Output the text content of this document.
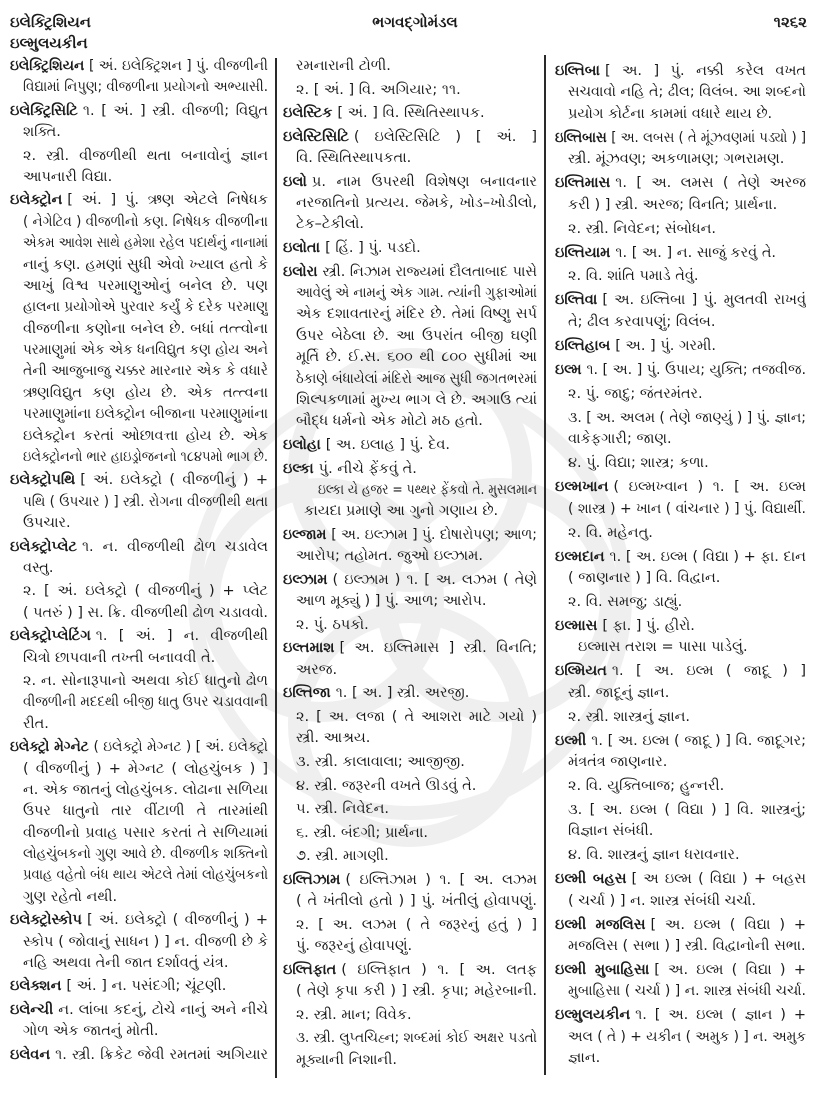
ઇલેક્ટ્રિશિયન
ઇલ્મુલયકીન
ભગવદ્ગોમંડલ	૧૨૬૨
ઇલેક્ટ્રિશિયન [ અં. ઇલેક્ટ્રિશન ] પું. વીજળીની
વિદ્યામાં નિપુણ; વીજળીના પ્રયોગનો અભ્યાસી.
ઇલેક્ટ્રિસિટિ ૧. [ અં. ] સ્ત્રી. વીજળી; વિદ્યુત
શક્તિ.
૨. સ્ત્રી. વીજળીથી થતા બનાવોનું જ્ઞાન
આપનારી વિદ્યા.
ઇલેક્ટ્રોન [ અં. ] પું. ઋણ એટલે નિષેધક
( નેગેટિવ ) વીજળીનો કણ. નિષેધક વીજળીના
એકમ આવેશ સાથે હમેશા રહેલ પદાર્થનું નાનામાં
નાનું કણ. હમણાં સુધી એવો ખ્યાલ હતો કે
આખું વિશ્વ પરમાણુઓનું બનેલ છે. પણ
હાલના પ્રયોગોએ પુરવાર કર્યું કે દરેક પરમાણુ
વીજળીના કણોના બનેલ છે. બધાં તત્ત્વોના
પરમાણુમાં એક એક ધનવિદ્યુત કણ હોય અને
તેની આજુબાજુ ચક્કર મારનાર એક કે વધારે
ઋણવિદ્યુત કણ હોય છે. એક તત્ત્વના
પરમાણુમાંના ઇલેક્ટ્રોન બીજાના પરમાણુમાંના
ઇલેક્ટ્રોન કરતાં ઓછાવત્તા હોય છે. એક
ઇલેક્ટ્રોનનો ભાર હાઇડ્રોજનનો ૧૮૪૫મો ભાગ છે.
ઇલેક્ટ્રોપથિ [ અં. ઇલેક્ટ્રો ( વીજળીનું ) +
પથિ ( ઉપચાર ) ] સ્ત્રી. રોગના વીજળીથી થતા
ઉપચાર.
ઇલેક્ટ્રોપ્લેટ ૧. ન. વીજળીથી ઢોળ ચડાવેલ
વસ્તુ.
૨. [ અં. ઇલેક્ટ્રો ( વીજળીનું ) + પ્લેટ
( પતરું ) ] સ. ક્રિ. વીજળીથી ઢોળ ચડાવવો.
ઇલેક્ટ્રોપ્લેટિંગ ૧. [ અં. ] ન. વીજળીથી
ચિત્રો છાપવાની તખ્તી બનાવવી તે.
૨. ન. સોનારૂપાનો અથવા કોઈ ધાતુનો ઢોળ
વીજળીની મદદથી બીજી ધાતુ ઉપર ચડાવવાની
રીત.
ઇલેક્ટ્રો મેગ્નેટ ( ઇલેક્ટ્રો મેગ્નટ ) [ અં. ઇલેક્ટ્રો
( વીજળીનું ) + મેગ્નટ ( લોહચુંબક ) ]
ન. એક જાતનું લોહચુંબક. લોઢાના સળિયા
ઉપર ધાતુનો તાર વીંટાળી તે તારમાંથી
વીજળીનો પ્રવાહ પસાર કરતાં તે સળિયામાં
લોહચુંબકનો ગુણ આવે છે. વીજળીક શક્તિનો
પ્રવાહ વહેતો બંધ થાય એટલે તેમાં લોહચુંબકનો
ગુણ રહેતો નથી.
ઇલેક્ટ્રોસ્કોપ [ અં. ઇલેક્ટ્રો ( વીજળીનું ) +
સ્કોપ ( જોવાનું સાધન ) ] ન. વીજળી છે કે
નહિ અથવા તેની જાત દર્શાવતું યંત્ર.
ઇલેક્શન [ અં. ] ન. પસંદગી; ચૂંટણી.
ઇલેન્ચી ન. લાંબા કદનું, ટોચે નાનું અને નીચે
ગોળ એક જાતનું મોતી.
ઇલેવન ૧. સ્ત્રી. ક્રિકેટ જેવી રમતમાં અગિયાર
રમનારાની ટોળી.
૨. [ અં. ] વિ. અગિયાર; ૧૧.
ઇલેસ્ટિક [ અં. ] વિ. સ્થિતિસ્થાપક.
ઇલેસ્ટિસિટિ ( ઇલેસ્ટિસિટિ ) [ અં. ]
વિ. સ્થિતિસ્થાપકતા.
ઇલો પ્ર. નામ ઉપરથી વિશેષણ બનાવનાર
નરજાતિનો પ્રત્યય. જેમકે, ખોડ–ખોડીલો,
ટેક–ટેકીલો.
ઇલોતા [ હિં. ] પું. પડદો.
ઇલોરા સ્ત્રી. નિઝામ રાજ્યમાં દૌલતાબાદ પાસે
આવેલું એ નામનું એક ગામ. ત્યાંની ગુફાઓમાં
એક દશાવતારનું મંદિર છે. તેમાં વિષ્ણુ સર્પ
ઉપર બેઠેલા છે. આ ઉપરાંત બીજી ઘણી
મૂર્તિ છે. ઈ.સ. ૬૦૦ થી ૮૦૦ સુધીમાં આ
ઠેકાણે બંધાયેલાં મંદિરો આજ સુધી જગતભરમાં
શિલ્પકળામાં મુખ્ય ભાગ લે છે. અગાઉ ત્યાં
બૌદ્ધ ધર્મનો એક મોટો મઠ હતો.
ઇલોહા [ અ. ઇલાહ ] પું. દેવ.
ઇલ્કા પું. નીચે ફેંકવું તે.
ઇલ્કા યે હજર = પથ્થર ફેંકવો તે. મુસલમાન
કાયદા પ્રમાણે આ ગુનો ગણાય છે.
ઇલ્જામ [ અ. ઇલ્ઝામ ] પું. દોષારોપણ; આળ;
આરોપ; તહોમત. જુઓ ઇલ્ઝામ.
ઇલ્ઝામ ( ઇલ્ઝામ ) ૧. [ અ. લઝમ ( તેણે
આળ મૂક્યું ) ] પું. આળ; આરોપ.
૨. પું. ઠપકો.
ઇલ્તમાશ [ અ. ઇલ્તિમાસ ] સ્ત્રી. વિનતિ;
અરજ.
ઇલ્તિજા ૧. [ અ. ] સ્ત્રી. અરજી.
૨. [ અ. લજા ( તે આશરા માટે ગયો )
સ્ત્રી. આશ્રય.
૩. સ્ત્રી. કાલાવાલા; આજીજી.
૪. સ્ત્રી. જરૂરની વખતે ઊડવું તે.
૫. સ્ત્રી. નિવેદન.
૬. સ્ત્રી. બંદગી; પ્રાર્થના.
૭. સ્ત્રી. માગણી.
ઇલ્તિઝામ ( ઇલ્તિઝામ ) ૧. [ અ. લઝમ
( તે ખંતીલો હતો ) ] પું. ખંતીલું હોવાપણું.
૨. [ અ. લઝમ ( તે જરૂરનું હતું ) ]
પું. જરૂરનું હોવાપણું.
ઇલ્તિફાત ( ઇલ્તિફાત ) ૧. [ અ. લતફ
( તેણે કૃપા કરી ) ] સ્ત્રી. કૃપા; મહેરબાની.
૨. સ્ત્રી. માન; વિવેક.
૩. સ્ત્રી. લુપ્તચિહ્ન; શબ્દમાં કોઈ અક્ષર પડતો
મૂક્યાની નિશાની.
ઇલ્તિબા [ અ. ] પું. નક્કી કરેલ વખત
સચવાવો નહિ તે; ઢીલ; વિલંબ. આ શબ્દનો
પ્રયોગ કોર્ટના કામમાં વધારે થાય છે.
ઇલ્તિબાસ [ અ. લબસ ( તે મૂંઝવણમાં પડ્યો ) ]
સ્ત્રી. મૂંઝવણ; અકળામણ; ગભરામણ.
ઇલ્તિમાસ ૧. [ અ. લમસ ( તેણે અરજ
કરી ) ] સ્ત્રી. અરજ; વિનતિ; પ્રાર્થના.
૨. સ્ત્રી. નિવેદન; સંબોધન.
ઇલ્તિયામ ૧. [ અ. ] ન. સાજું કરવું તે.
૨. વિ. શાંતિ પમાડે તેવું.
ઇલ્તિવા [ અ. ઇલ્તિબા ] પું. મુલતવી રાખવું
તે; ઢીલ કરવાપણું; વિલંબ.
ઇલ્તિહાબ [ અ. ] પું. ગરમી.
ઇલ્મ ૧. [ અ. ] પું. ઉપાય; યુક્તિ; તજવીજ.
૨. પું. જાદુ; જંતરમંતર.
૩. [ અ. અલમ ( તેણે જાણ્યું ) ] પું. જ્ઞાન;
વાકેફગારી; જાણ.
૪. પું. વિદ્યા; શાસ્ત્ર; કળા.
ઇલ્મખાન ( ઇલ્મખ્વાન ) ૧. [ અ. ઇલ્મ
( શાસ્ત્ર ) + ખાન ( વાંચનાર ) ] પું. વિદ્યાર્થી.
૨. વિ. મહેનતુ.
ઇલ્મદાન ૧. [ અ. ઇલ્મ ( વિદ્યા ) + ફા. દાન
( જાણનાર ) ] વિ. વિદ્વાન.
૨. વિ. સમજુ; ડાહ્યું.
ઇલ્માસ [ ફા. ] પું. હીરો.
ઇલ્માસ તરાશ = પાસા પાડેલું.
ઇલ્મિયત ૧. [ અ. ઇલ્મ ( જાદૂ ) ]
સ્ત્રી. જાદૂનું જ્ઞાન.
૨. સ્ત્રી. શાસ્ત્રનું જ્ઞાન.
ઇલ્મી ૧. [ અ. ઇલ્મ ( જાદૂ ) ] વિ. જાદૂગર;
મંત્રતંત્ર જાણનાર.
૨. વિ. યુક્તિબાજ; હુન્નરી.
૩. [ અ. ઇલ્મ ( વિદ્યા ) ] વિ. શાસ્ત્રનું;
વિજ્ઞાન સંબંધી.
૪. વિ. શાસ્ત્રનું જ્ઞાન ધરાવનાર.
ઇલ્મી બહસ [ અ ઇલ્મ ( વિદ્યા ) + બહસ
( ચર્ચા ) ] ન. શાસ્ત્ર સંબંધી ચર્ચા.
ઇલ્મી મજલિસ [ અ. ઇલ્મ ( વિદ્યા ) +
મજલિસ ( સભા ) ] સ્ત્રી. વિદ્વાનોની સભા.
ઇલ્મી મુબાહિસા [ અ. ઇલ્મ ( વિદ્યા ) +
મુબાહિસા ( ચર્ચા ) ] ન. શાસ્ત્ર સંબંધી ચર્ચા.
ઇલ્મુલયકીન ૧. [ અ. ઇલ્મ ( જ્ઞાન ) +
અલ ( તે ) + યકીન ( અમુક ) ] ન. અમુક
જ્ઞાન.
